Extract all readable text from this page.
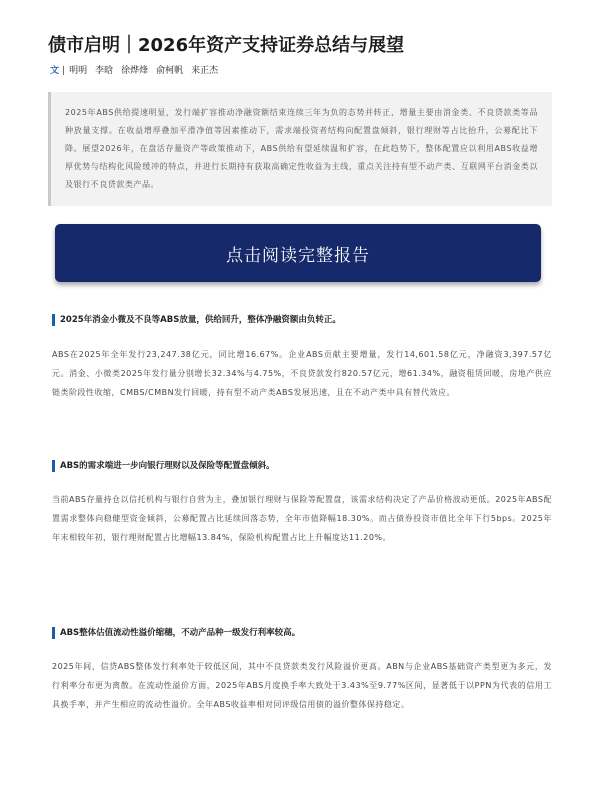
债市启明｜2026年资产支持证券总结与展望
文 | 明明 李晗 徐烨烽 俞柯帆 来正杰

2025年ABS供给提速明显，发行端扩容推动净融资额结束连续三年为负的态势并转正，增量主要由消金类、不良贷款类等品种放量支撑。在收益增厚叠加平滑净值等因素推动下，需求端投资者结构向配置盘倾斜，银行理财等占比抬升，公募配比下降。展望2026年，在盘活存量资产等政策推动下，ABS供给有望延续温和扩容，在此趋势下，整体配置应以利用ABS收益增厚优势与结构化风险缓冲的特点，并进行长期持有获取高确定性收益为主线，重点关注持有型不动产类、互联网平台消金类以及银行不良贷款类产品。

点击阅读完整报告
2025年消金小微及不良等ABS放量，供给回升，整体净融资额由负转正。

ABS在2025年全年发行23,247.38亿元，同比增16.67%。企业ABS贡献主要增量，发行14,601.58亿元，净融资3,397.57亿元。消金、小微类2025年发行量分别增长32.34%与4.75%，不良贷款发行820.57亿元，增61.34%，融资租赁回暖，房地产供应链类阶段性收缩，CMBS/CMBN发行回暖，持有型不动产类ABS发展迅速，且在不动产类中具有替代效应。

ABS的需求端进一步向银行理财以及保险等配置盘倾斜。

当前ABS存量持仓以信托机构与银行自营为主，叠加银行理财与保险等配置盘，该需求结构决定了产品价格波动更低。2025年ABS配置需求整体向稳健型资金倾斜，公募配置占比延续回落态势，全年市值降幅18.30%。而占债券投资市值比全年下行5bps。2025年年末相较年初，银行理财配置占比增幅13.84%，保险机构配置占比上升幅度达11.20%。

ABS整体估值流动性溢价缩穗，不动产品种一级发行利率较高。

2025年间，信贷ABS整体发行利率处于较低区间，其中不良贷款类发行风险溢价更高。ABN与企业ABS基础资产类型更为多元，发行利率分布更为离散。在流动性溢价方面，2025年ABS月度换手率大致处于3.43%至9.77%区间，显著低于以PPN为代表的信用工具换手率，并产生相应的流动性溢价。全年ABS收益率相对同评级信用债的溢价整体保持稳定。
